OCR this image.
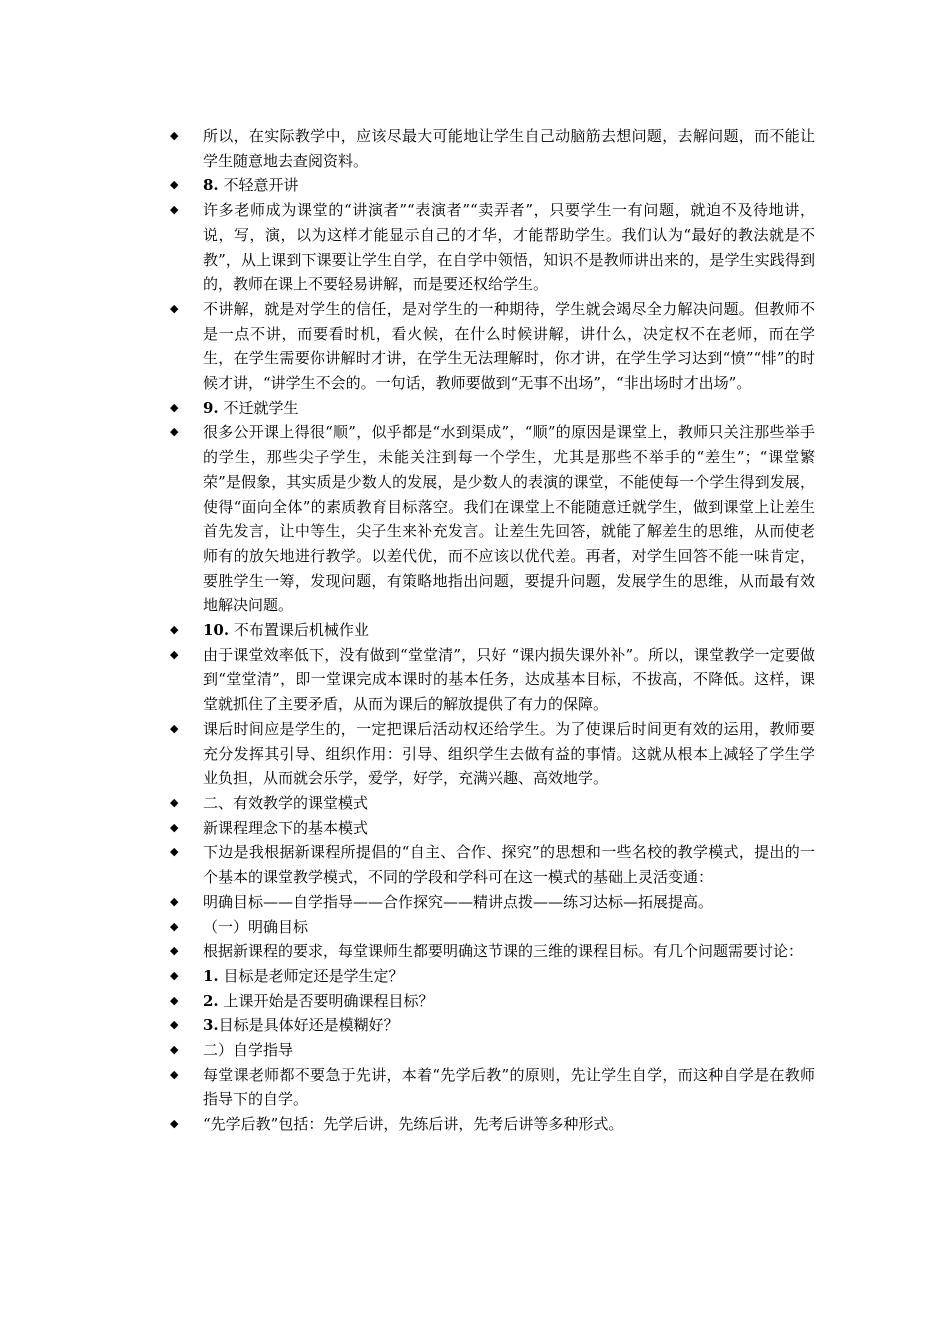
◆	所以，在实际教学中，应该尽最大可能地让学生自己动脑筋去想问题，去解问题，而不能让学生随意地去查阅资料。
◆	8. 不轻意开讲
◆	许多老师成为课堂的“讲演者”“表演者”“卖弄者”，只要学生一有问题，就迫不及待地讲，说，写，演，以为这样才能显示自己的才华，才能帮助学生。我们认为“最好的教法就是不教”，从上课到下课要让学生自学，在自学中领悟，知识不是教师讲出来的，是学生实践得到的，教师在课上不要轻易讲解，而是要还权给学生。
◆	不讲解，就是对学生的信任，是对学生的一种期待，学生就会竭尽全力解决问题。但教师不是一点不讲，而要看时机，看火候，在什么时候讲解，讲什么，决定权不在老师，而在学生，在学生需要你讲解时才讲，在学生无法理解时，你才讲，在学生学习达到“愤”“悱”的时候才讲，“讲学生不会的。一句话，教师要做到“无事不出场”，“非出场时才出场”。
◆	9. 不迁就学生
◆	很多公开课上得很“顺”，似乎都是“水到渠成”，“顺”的原因是课堂上，教师只关注那些举手的学生，那些尖子学生，未能关注到每一个学生，尤其是那些不举手的“差生”；“课堂繁荣”是假象，其实质是少数人的发展，是少数人的表演的课堂，不能使每一个学生得到发展，使得“面向全体”的素质教育目标落空。我们在课堂上不能随意迁就学生，做到课堂上让差生首先发言，让中等生，尖子生来补充发言。让差生先回答，就能了解差生的思维，从而使老师有的放矢地进行教学。以差代优，而不应该以优代差。再者，对学生回答不能一味肯定，要胜学生一筹，发现问题，有策略地指出问题，要提升问题，发展学生的思维，从而最有效地解决问题。
◆	10. 不布置课后机械作业
◆	由于课堂效率低下，没有做到“堂堂清”，只好 “课内损失课外补”。所以，课堂教学一定要做到“堂堂清”，即一堂课完成本课时的基本任务，达成基本目标，不拔高，不降低。这样，课堂就抓住了主要矛盾，从而为课后的解放提供了有力的保障。
◆	课后时间应是学生的，一定把课后活动权还给学生。为了使课后时间更有效的运用，教师要充分发挥其引导、组织作用：引导、组织学生去做有益的事情。这就从根本上减轻了学生学业负担，从而就会乐学，爱学，好学，充满兴趣、高效地学。
◆	二、有效教学的课堂模式
◆	新课程理念下的基本模式
◆	下边是我根据新课程所提倡的“自主、合作、探究”的思想和一些名校的教学模式，提出的一个基本的课堂教学模式，不同的学段和学科可在这一模式的基础上灵活变通：
◆	明确目标——自学指导——合作探究——精讲点拨——练习达标—拓展提高。
◆	（一）明确目标
◆	根据新课程的要求，每堂课师生都要明确这节课的三维的课程目标。有几个问题需要讨论：
◆	1. 目标是老师定还是学生定？
◆	2. 上课开始是否要明确课程目标？
◆	3.目标是具体好还是模糊好？
◆	二）自学指导
◆	每堂课老师都不要急于先讲，本着“先学后教”的原则，先让学生自学，而这种自学是在教师指导下的自学。
◆	“先学后教”包括：先学后讲，先练后讲，先考后讲等多种形式。
